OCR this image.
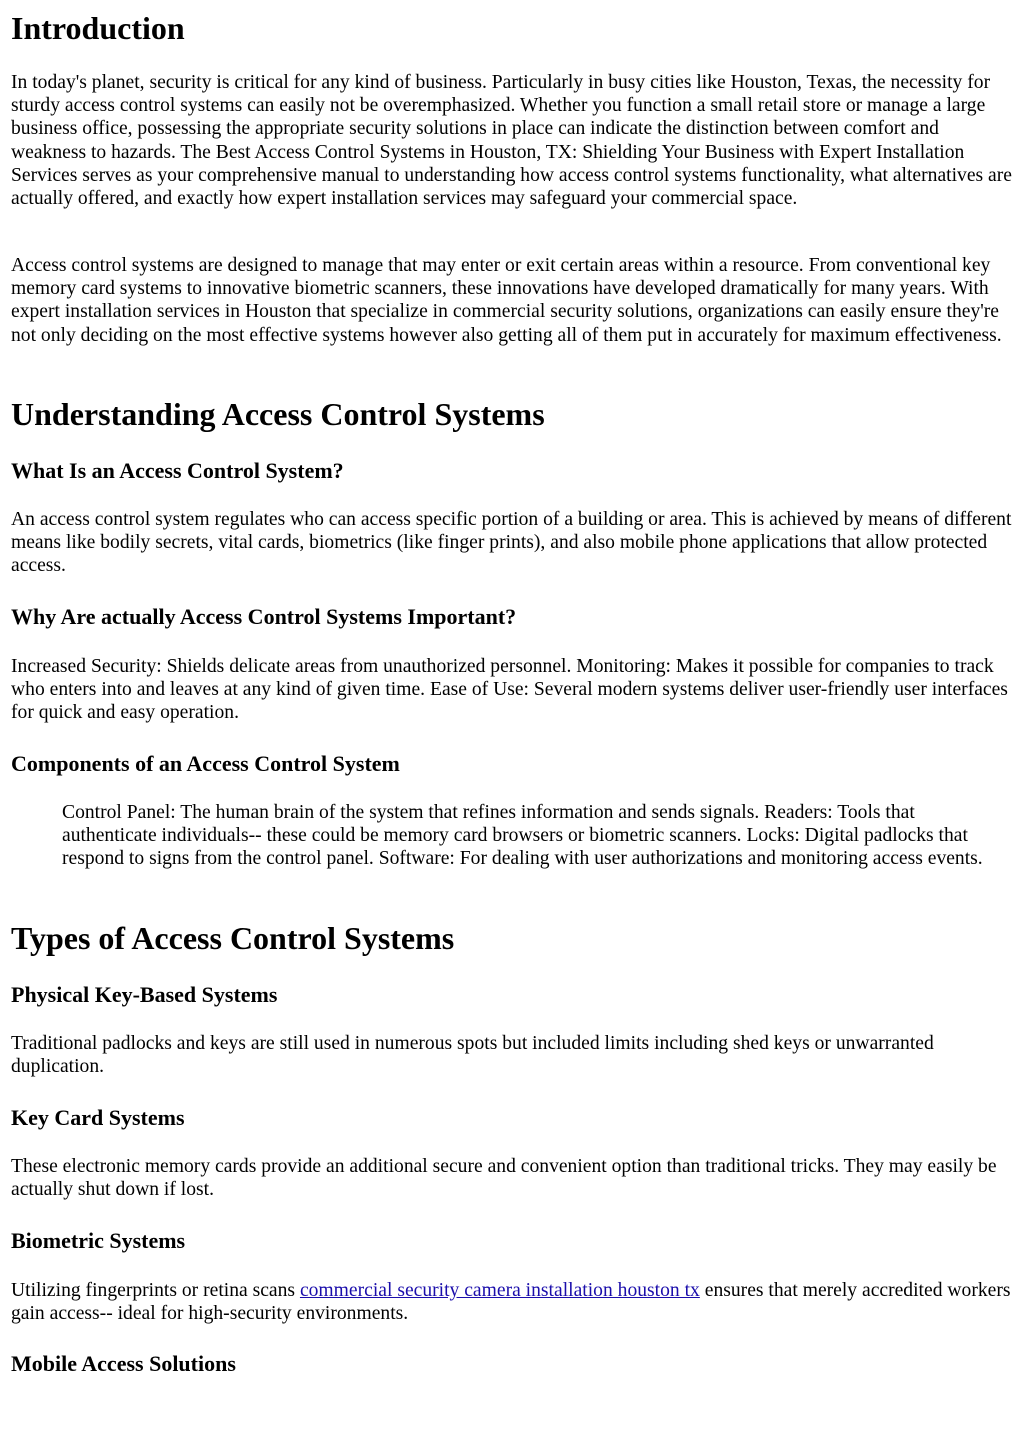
Introduction

In today's planet, security is critical for any kind of business. Particularly in busy cities like Houston, Texas, the necessity for sturdy access control systems can easily not be overemphasized. Whether you function a small retail store or manage a large business office, possessing the appropriate security solutions in place can indicate the distinction between comfort and weakness to hazards. The Best Access Control Systems in Houston, TX: Shielding Your Business with Expert Installation Services serves as your comprehensive manual to understanding how access control systems functionality, what alternatives are actually offered, and exactly how expert installation services may safeguard your commercial space.

Access control systems are designed to manage that may enter or exit certain areas within a resource. From conventional key memory card systems to innovative biometric scanners, these innovations have developed dramatically for many years. With expert installation services in Houston that specialize in commercial security solutions, organizations can easily ensure they're not only deciding on the most effective systems however also getting all of them put in accurately for maximum effectiveness.

Understanding Access Control Systems
What Is an Access Control System?

An access control system regulates who can access specific portion of a building or area. This is achieved by means of different means like bodily secrets, vital cards, biometrics (like finger prints), and also mobile phone applications that allow protected access.

Why Are actually Access Control Systems Important?

Increased Security: Shields delicate areas from unauthorized personnel. Monitoring: Makes it possible for companies to track who enters into and leaves at any kind of given time. Ease of Use: Several modern systems deliver user-friendly user interfaces for quick and easy operation.

Components of an Access Control System

Control Panel: The human brain of the system that refines information and sends signals. Readers: Tools that authenticate individuals-- these could be memory card browsers or biometric scanners. Locks: Digital padlocks that respond to signs from the control panel. Software: For dealing with user authorizations and monitoring access events.

Types of Access Control Systems
Physical Key-Based Systems

Traditional padlocks and keys are still used in numerous spots but included limits including shed keys or unwarranted duplication.

Key Card Systems

These electronic memory cards provide an additional secure and convenient option than traditional tricks. They may easily be actually shut down if lost.

Biometric Systems

Utilizing fingerprints or retina scans commercial security camera installation houston tx ensures that merely accredited workers gain access-- ideal for high-security environments.

Mobile Access Solutions
